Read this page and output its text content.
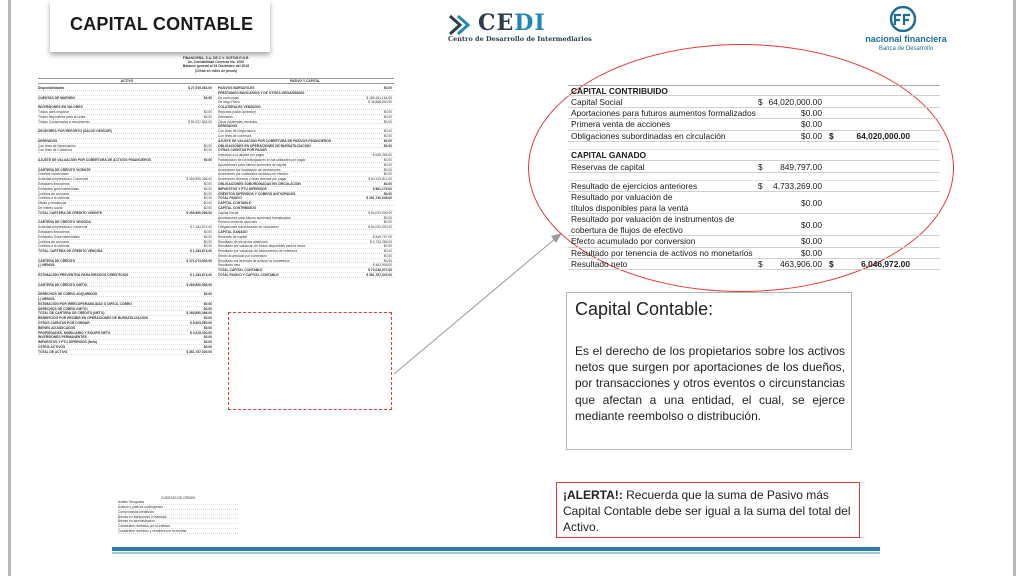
CAPITAL CONTABLE	CEDI
Centro de Desarrollo de Intermediarios	nacional financiera
Banca de Desarrollo
FINANCIERA, S.A. DE C.V. SOFOM E.N.R.
Av. Contabilidad Correcta No. 1000
Balance general al 31 Diciembre del 2016
(Cifras en miles de pesos)
ACTIVO	PASIVO Y CAPITAL
Disponibilidades	$ 27,919,362.00
CUENTAS DE MARGEN	$0.00
INVERSIONES EN VALORES
Títulos para negociar	$0.00
Títulos disponibles para la venta	$0.00
Títulos Conservados a vencimiento	$ 51,027,862.00
DEUDORES POR REPORTO (SALDO DEUDOR)
DERIVADOS
Con fines de Negociación	$0.00
Con fines de Cobertura	$0.00
AJUSTE DE VALUACIÓN POR COBERTURA DE ACTIVOS FINANCIEROS	$0.00
CARTERA DE CRÉDITO VIGENTE
Créditos comerciales
Actividad empresarial o Comercial	$ 269,890,066.00
Entidades financieras	$0.00
Entidades gubernamentales	$0.00
Créditos de consumo	$0.00
Créditos a la vivienda	$0.00
Media y residencial	$0.00
De interés social	$0.00
TOTAL CARTERA DE CRÉDITO VIGENTE	$ 269,890,066.00
CARTERA DE CRÉDITO VENCIDA
Actividad empresarial o comercial	$ 1,184,874.00
Entidades financieras	$0.00
Entidades Gubernamentales	$0.00
Créditos de consumo	$0.00
Créditos a la vivienda	$0.00
TOTAL CARTERA DE CRÉDITO VENCIDA	$ 1,184,874.00
CARTERA DE CRÉDITO	$ 271,074,940.00
(-) MENOS:
ESTIMACIÓN PREVENTIVA PARA RIESGOS CREDITICIOS	$ 1,184,874.00
CARTERA DE CRÉDITO (NETO)	$ 269,890,066.00
DERECHOS DE COBRO ADQUIRIDOS	$0.00
(-) MENOS:
ESTIMACIÓN POR IRRECUPERABILIDAD O DIFÍCIL COBRO	$0.00
DERECHOS DE COBRO (NETO)	$0.00
TOTAL DE CARTERA DE CRÉDITO (NETO)	$ 269,890,066.00
BENEFICIOS POR RECIBIR EN OPERACIONES DE BURSATILIZACIÓN	$0.00
OTRAS CUENTAS POR COBRAR	$ 8,603,560.00
BIENES ADJUDICADOS	$0.00
PROPIEDADES, MOBILIARIO Y EQUIPO NETO	$ 3,519,400.00
INVERSIONES PERMANENTES	$0.00
IMPUESTOS Y PTU DIFERIDOS (Neto)	$0.00
OTROS ACTIVOS	$0.00
TOTAL DE ACTIVO	$ 361,787,020.00
PASIVOS BURSÁTILES	$0.00
PRÉSTAMOS BANCARIOS Y DE OTROS ORGANISMOS
De corto plazo	$ 189,161,164.00
De largo Plazo	$ 36,868,830.00
COLATERALES VENDIDOS
Reportos (saldo acreedor)	$0.00
Derivados	$0.00
Otros colaterales vendidos	$0.00
DERIVADOS
Con fines de Negociación	$0.00
Con fines de cobertura	$0.00
AJUSTE DE VALUACIÓN POR COBERTURA DE PASIVOS FINANCIEROS	$0.00
OBLIGACIONES EN OPERACIONES DE BURSATILIZACIÓN	$0.00
OTRAS CUENTAS POR PAGAR
Impuesto a la utilidad por pagar	$ 648,395.00
Participación de los trabajadores en las utilidades por pagar	$0.00
Aportaciones para futuros aumentos de capital	$0.00
Acreedores por liquidación de operaciones	$0.00
Acreedores por colaterales recibidos en efectivo	$0.00
Acreedores diversos y otras cuentas por pagar	$ 64,191,811.00
OBLIGACIONES SUBORDINADAS EN CIRCULACIÓN	$0.00
IMPUESTOS Y PTU DIFERIDOS	$ 861,175.00
CRÉDITOS DIFERIDOS Y COBROS ANTICIPADOS	$0.00
TOTAL PASIVO	$ 291,740,048.00
CAPITAL CONTABLE
CAPITAL CONTRIBUIDO
Capital Social	$ 64,020,000.00
Aportaciones para futuros aumentos formalizados	$0.00
Primera venta de acciones	$0.00
Obligaciones subordinadas en circulación	$ 64,020,000.00
CAPITAL GANADO
Reservas de capital	$ 849,797.00
Resultado de ejercicios anteriores	$ 4,733,269.00
Resultado por valuación de títulos disponibles para la venta	$0.00
Resultado por valuación de instrumentos de cobertura	$0.00
Efecto acumulado por conversión	$0.00
Resultado por tenencia de activos no monetarios	$0.00
Resultado neto	$ 463,906.00
TOTAL CAPITAL CONTABLE	$ 70,046,972.00
TOTAL PASIVO Y CAPITAL CONTABLE	$ 361,787,020.00
CUENTAS DE ORDEN
Avales Otorgados
Activos y pasivos contingentes
Compromisos crediticios
Bienes en fideicomiso o mandato
Bienes en administración
Colaterales recibidos por la entidad
Colaterales recibidos y vendidos por la entidad
CAPITAL CONTRIBUIDO
Capital Social	$ 64,020,000.00
Aportaciones para futuros aumentos formalizados	$0.00
Primera venta de acciones	$0.00
Obligaciones subordinadas en circulación	$0.00 $	64,020,000.00
CAPITAL GANADO
Reservas de capital	$	849,797.00
Resultado de ejercicios anteriores	$	4,733,269.00
Resultado por valuación de
títulos disponibles para la venta	$0.00
Resultado por valuación de instrumentos de
cobertura de flujos de efectivo	$0.00
Efecto acumulado por conversion	$0.00
Resultado por tenencia de activos no monetarios	$0.00
Resultado neto	$	463,906.00 $	6,046,972.00
Capital Contable:
Es el derecho de los propietarios sobre los activos netos que surgen por aportaciones de los dueños, por transacciones y otros eventos o circunstancias que afectan a una entidad, el cual, se ejerce mediante reembolso o distribución.
¡ALERTA!: Recuerda que la suma de Pasivo más Capital Contable debe ser igual a la suma del total del Activo.
